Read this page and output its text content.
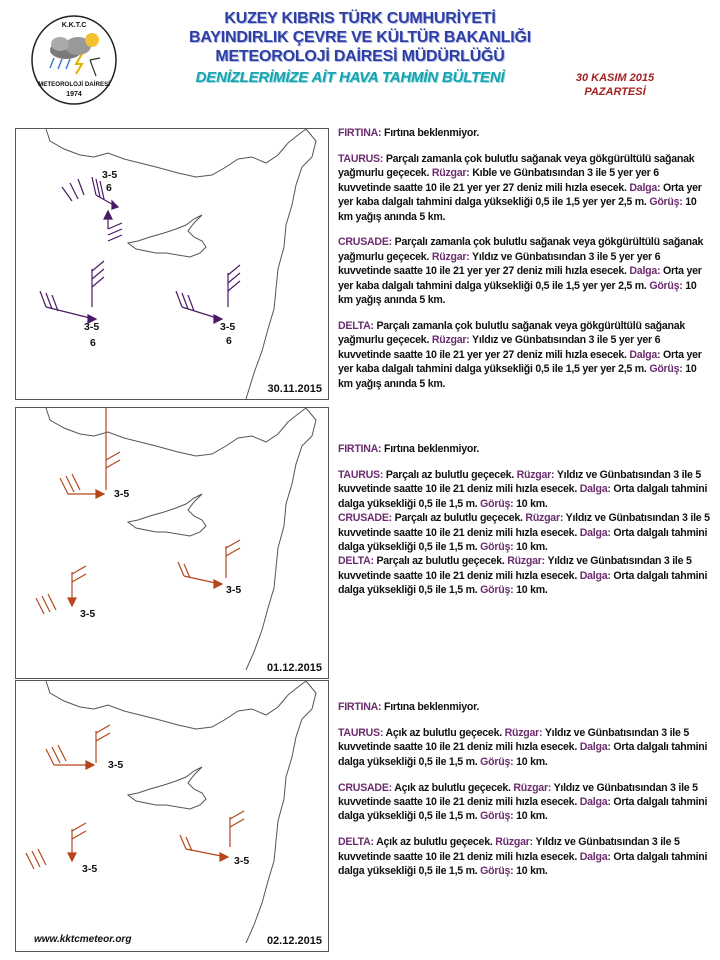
K.K.T.C
METEOROLOJİ DAİRESİ
1974
KUZEY KIBRIS TÜRK CUMHURİYETİ
BAYINDIRLIK ÇEVRE VE KÜLTÜR BAKANLIĞI
METEOROLOJİ DAİRESİ MÜDÜRLÜĞÜ
DENİZLERİMİZE AİT HAVA TAHMİN BÜLTENİ	30 KASIM 2015
PAZARTESİ
3-5
6
3-5
6
3-5
6
30.11.2015

FIRTINA: Fırtına beklenmiyor.

TAURUS: Parçalı zamanla çok bulutlu sağanak veya gökgürültülü sağanak yağmurlu geçecek. Rüzgar: Kıble ve Günbatısından 3 ile 5 yer yer 6 kuvvetinde saatte 10 ile 21 yer yer 27 deniz mili hızla esecek. Dalga: Orta yer yer kaba dalgalı tahmini dalga yüksekliği 0,5 ile 1,5 yer yer 2,5 m. Görüş: 10 km yağış anında 5 km.

CRUSADE: Parçalı zamanla çok bulutlu sağanak veya gökgürültülü sağanak yağmurlu geçecek. Rüzgar: Yıldız ve Günbatısından 3 ile 5 yer yer 6 kuvvetinde saatte 10 ile 21 yer yer 27 deniz mili hızla esecek. Dalga: Orta yer yer kaba dalgalı tahmini dalga yüksekliği 0,5 ile 1,5 yer yer 2,5 m. Görüş: 10 km yağış anında 5 km.

DELTA: Parçalı zamanla çok bulutlu sağanak veya gökgürültülü sağanak yağmurlu geçecek. Rüzgar: Yıldız ve Günbatısından 3 ile 5 yer yer 6 kuvvetinde saatte 10 ile 21 yer yer 27 deniz mili hızla esecek. Dalga: Orta yer yer kaba dalgalı tahmini dalga yüksekliği 0,5 ile 1,5 yer yer 2,5 m. Görüş: 10 km yağış anında 5 km.

3-5
3-5
3-5
01.12.2015

FIRTINA: Fırtına beklenmiyor.

TAURUS: Parçalı az bulutlu geçecek. Rüzgar: Yıldız ve Günbatısından 3 ile 5 kuvvetinde saatte 10 ile 21 deniz mili hızla esecek. Dalga: Orta dalgalı tahmini dalga yüksekliği 0,5 ile 1,5 m. Görüş: 10 km.

CRUSADE: Parçalı az bulutlu geçecek. Rüzgar: Yıldız ve Günbatısından 3 ile 5 kuvvetinde saatte 10 ile 21 deniz mili hızla esecek. Dalga: Orta dalgalı tahmini dalga yüksekliği 0,5 ile 1,5 m. Görüş: 10 km.

DELTA: Parçalı az bulutlu geçecek. Rüzgar: Yıldız ve Günbatısından 3 ile 5 kuvvetinde saatte 10 ile 21 deniz mili hızla esecek. Dalga: Orta dalgalı tahmini dalga yüksekliği 0,5 ile 1,5 m. Görüş: 10 km.

3-5
3-5
3-5
www.kktcmeteor.org	02.12.2015

FIRTINA: Fırtına beklenmiyor.

TAURUS: Açık az bulutlu geçecek. Rüzgar: Yıldız ve Günbatısından 3 ile 5 kuvvetinde saatte 10 ile 21 deniz mili hızla esecek. Dalga: Orta dalgalı tahmini dalga yüksekliği 0,5 ile 1,5 m. Görüş: 10 km.

CRUSADE: Açık az bulutlu geçecek. Rüzgar: Yıldız ve Günbatısından 3 ile 5 kuvvetinde saatte 10 ile 21 deniz mili hızla esecek. Dalga: Orta dalgalı tahmini dalga yüksekliği 0,5 ile 1,5 m. Görüş: 10 km.

DELTA: Açık az bulutlu geçecek. Rüzgar: Yıldız ve Günbatısından 3 ile 5 kuvvetinde saatte 10 ile 21 deniz mili hızla esecek. Dalga: Orta dalgalı tahmini dalga yüksekliği 0,5 ile 1,5 m. Görüş: 10 km.
